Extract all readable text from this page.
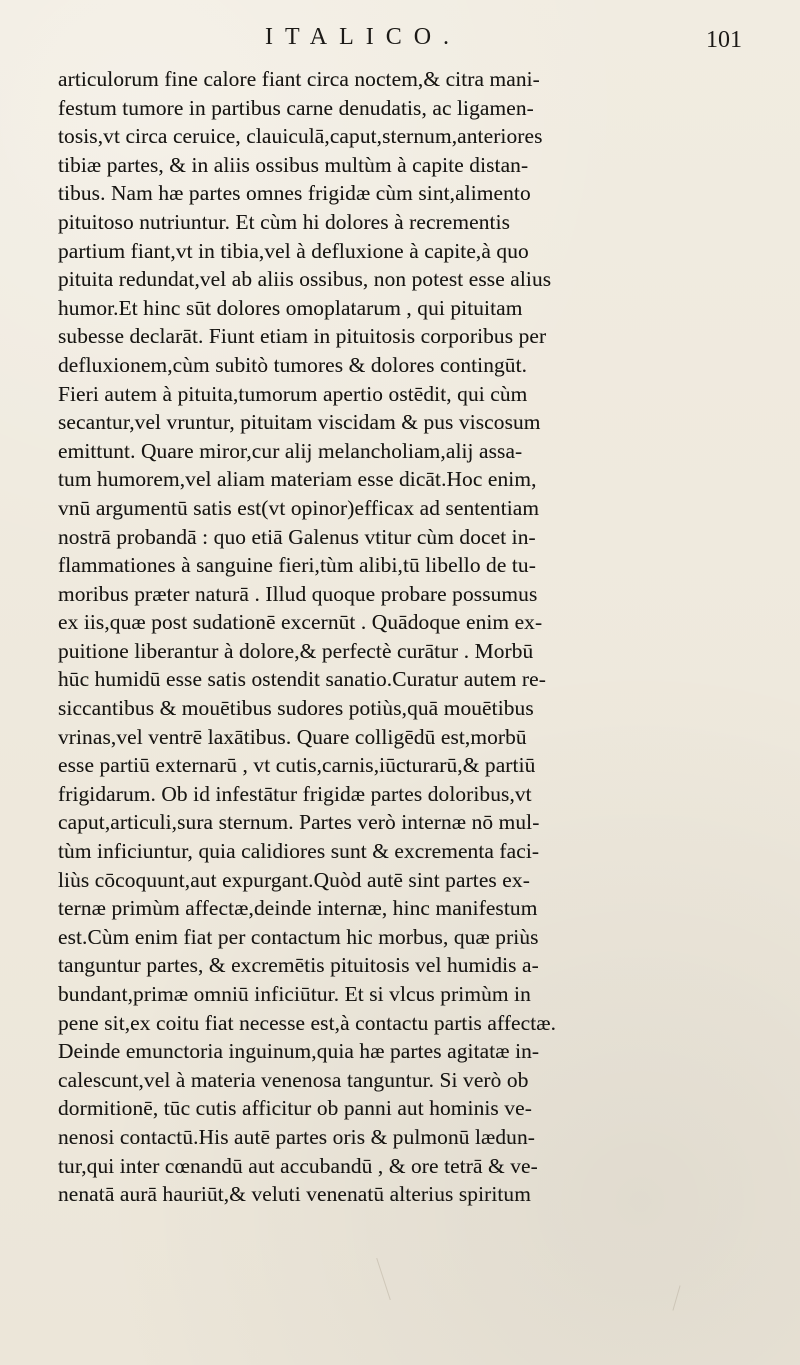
ITALICO.	101
articulorum fine calore fiant circa noctem,& citra mani-
festum tumore in partibus carne denudatis, ac ligamen-
tosis,vt circa ceruice, clauiculā,caput,sternum,anteriores
tibiæ partes, & in aliis ossibus multùm à capite distan-
tibus. Nam hæ partes omnes frigidæ cùm sint,alimento
pituitoso nutriuntur. Et cùm hi dolores à recrementis
partium fiant,vt in tibia,vel à defluxione à capite,à quo
pituita redundat,vel ab aliis ossibus, non potest esse alius
humor.Et hinc sūt dolores omoplatarum , qui pituitam
subesse declarāt. Fiunt etiam in pituitosis corporibus per
defluxionem,cùm subitò tumores & dolores contingūt.
Fieri autem à pituita,tumorum apertio ostēdit, qui cùm
secantur,vel vruntur, pituitam viscidam & pus viscosum
emittunt. Quare miror,cur alij melancholiam,alij assa-
tum humorem,vel aliam materiam esse dicāt.Hoc enim,
vnū argumentū satis est(vt opinor)efficax ad sententiam
nostrā probandā : quo etiā Galenus vtitur cùm docet in-
flammationes à sanguine fieri,tùm alibi,tū libello de tu-
moribus præter naturā . Illud quoque probare possumus
ex iis,quæ post sudationē excernūt . Quādoque enim ex-
puitione liberantur à dolore,& perfectè curātur . Morbū
hūc humidū esse satis ostendit sanatio.Curatur autem re-
siccantibus & mouētibus sudores potiùs,quā mouētibus
vrinas,vel ventrē laxātibus. Quare colligēdū est,morbū
esse partiū externarū , vt cutis,carnis,iūcturarū,& partiū
frigidarum. Ob id infestātur frigidæ partes doloribus,vt
caput,articuli,sura sternum. Partes verò internæ nō mul-
tùm inficiuntur, quia calidiores sunt & excrementa faci-
liùs cōcoquunt,aut expurgant.Quòd autē sint partes ex-
ternæ primùm affectæ,deinde internæ, hinc manifestum
est.Cùm enim fiat per contactum hic morbus, quæ priùs
tanguntur partes, & excremētis pituitosis vel humidis a-
bundant,primæ omniū inficiūtur. Et si vlcus primùm in
pene sit,ex coitu fiat necesse est,à contactu partis affectæ.
Deinde emunctoria inguinum,quia hæ partes agitatæ in-
calescunt,vel à materia venenosa tanguntur. Si verò ob
dormitionē, tūc cutis afficitur ob panni aut hominis ve-
nenosi contactū.His autē partes oris & pulmonū lædun-
tur,qui inter cœnandū aut accubandū , & ore tetrā & ve-
nenatā aurā hauriūt,& veluti venenatū alterius spiritum
